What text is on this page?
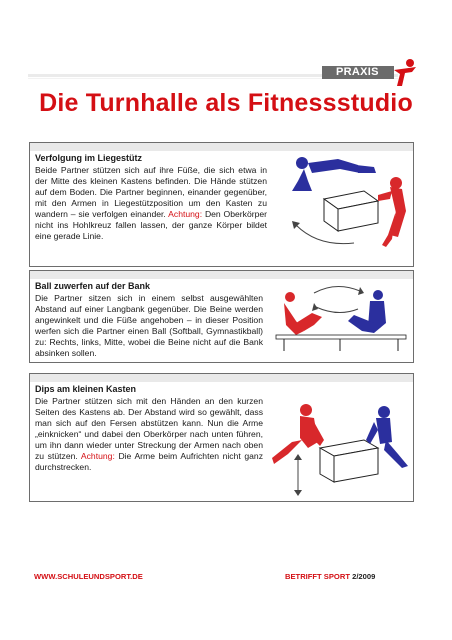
PRAXIS
Die Turnhalle als Fitnessstudio
Verfolgung im Liegestütz
Beide Partner stützen sich auf ihre Füße, die sich etwa in der Mitte des kleinen Kastens befinden. Die Hände stützen auf dem Boden. Die Partner beginnen, einander gegenüber, mit den Armen in Liegestützposition um den Kasten zu wandern – sie verfolgen einander. Achtung: Den Oberkörper nicht ins Hohlkreuz fallen lassen, der ganze Körper bildet eine gerade Linie.
Ball zuwerfen auf der Bank
Die Partner sitzen sich in einem selbst ausgewählten Abstand auf einer Langbank gegenüber. Die Beine werden angewinkelt und die Füße angehoben – in dieser Position werfen sich die Partner einen Ball (Softball, Gymnastikball) zu: Rechts, links, Mitte, wobei die Beine nicht auf die Bank absinken sollen.
Dips am kleinen Kasten
Die Partner stützen sich mit den Händen an den kurzen Seiten des Kastens ab. Der Abstand wird so gewählt, dass man sich auf den Fersen abstützen kann. Nun die Arme „einknicken“ und dabei den Oberkörper nach unten führen, um ihn dann wieder unter Streckung der Armen nach oben zu stützen. Achtung: Die Arme beim Aufrichten nicht ganz durchstrecken.
WWW.SCHULEUNDSPORT.DE	BETRIFFT SPORT 2/2009
